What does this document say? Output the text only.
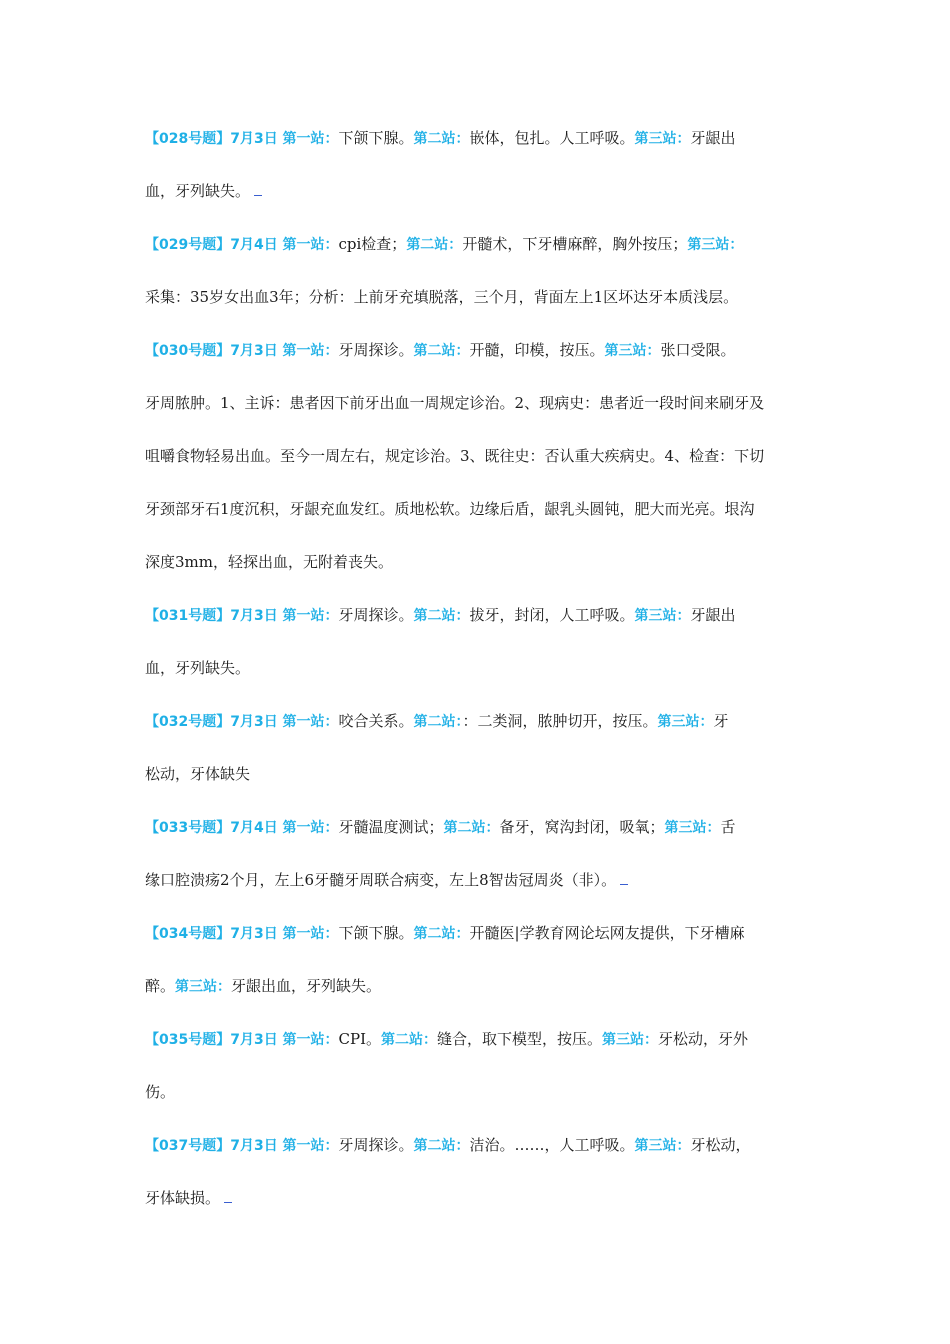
【028号题】7月3日 第一站：下颌下腺。第二站：嵌体，包扎。人工呼吸。第三站：牙龈出
血，牙列缺失。
【029号题】7月4日 第一站：cpi检查；第二站：开髓术，下牙槽麻醉，胸外按压；第三站：
采集：35岁女出血3年；分析：上前牙充填脱落，三个月，背面左上1区坏达牙本质浅层。
【030号题】7月3日 第一站：牙周探诊。第二站：开髓，印模，按压。第三站：张口受限。
牙周脓肿。1、主诉：患者因下前牙出血一周规定诊治。2、现病史：患者近一段时间来刷牙及
咀嚼食物轻易出血。至今一周左右，规定诊治。3、既往史：否认重大疾病史。4、检查：下切
牙颈部牙石1度沉积，牙龈充血发红。质地松软。边缘后盾，龈乳头圆钝，肥大而光亮。垠沟
深度3mm，轻探出血，无附着丧失。
【031号题】7月3日 第一站：牙周探诊。第二站：拔牙，封闭，人工呼吸。第三站：牙龈出
血，牙列缺失。
【032号题】7月3日 第一站：咬合关系。第二站：：二类洞，脓肿切开，按压。第三站：牙
松动，牙体缺失
【033号题】7月4日 第一站：牙髓温度测试；第二站：备牙，窝沟封闭，吸氧；第三站：舌
缘口腔溃疡2个月，左上6牙髓牙周联合病变，左上8智齿冠周炎（非）。
【034号题】7月3日 第一站：下颌下腺。第二站：开髓医|学教育网论坛网友提供，下牙槽麻
醉。第三站：牙龈出血，牙列缺失。
【035号题】7月3日 第一站：CPI。第二站：缝合，取下模型，按压。第三站：牙松动，牙外
伤。
【037号题】7月3日 第一站：牙周探诊。第二站：洁治。……，人工呼吸。第三站：牙松动，
牙体缺损。
